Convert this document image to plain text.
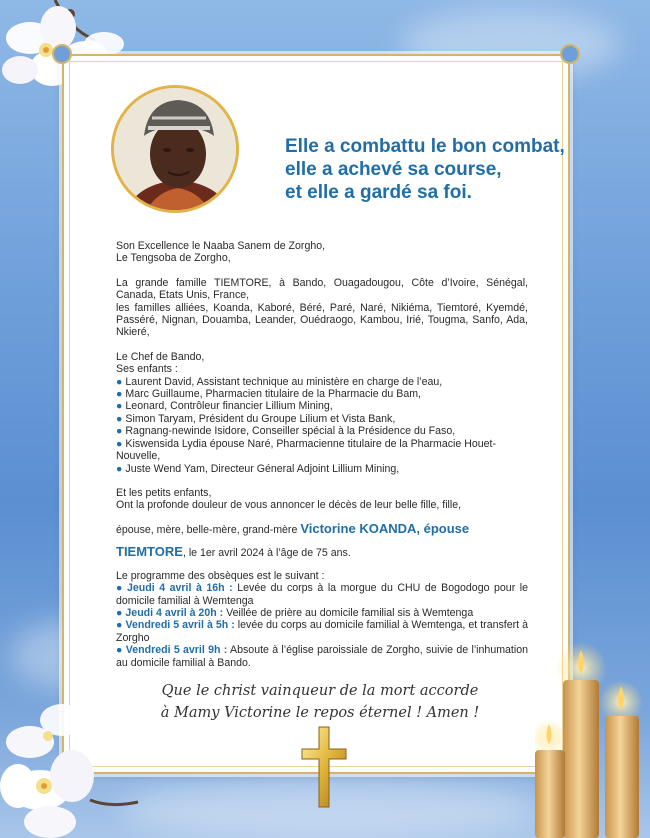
Elle a combattu le bon combat,
elle a achevé sa course,
et elle a gardé sa foi.

Son Excellence le Naaba Sanem de Zorgho,

Le Tengsoba de Zorgho,

La grande famille TIEMTORE, à Bando, Ouagadougou, Côte d’Ivoire, Sénégal, Canada, Etats Unis, France,

les familles alliées, Koanda, Kaboré, Béré, Paré, Naré, Nikiéma, Tiemtoré, Kyemdé, Passéré, Nignan, Douamba, Leander, Ouédraogo, Kambou, Irié, Tougma, Sanfo, Ada, Nkieré,

Le Chef de Bando,

Ses enfants :

● Laurent David, Assistant technique au ministère en charge de l’eau,

● Marc Guillaume, Pharmacien titulaire de la Pharmacie du Bam,

● Leonard, Contrôleur financier Lillium Mining,

● Simon Taryam, Président du Groupe Lilium et Vista Bank,

● Ragnang-newinde Isidore, Conseiller spécial à la Présidence du Faso,

● Kiswensida Lydia épouse Naré, Pharmacienne titulaire de la Pharmacie Houet-Nouvelle,

● Juste Wend Yam, Directeur Géneral Adjoint Lillium Mining,

Et les petits enfants,

Ont la profonde douleur de vous annoncer le décès de leur belle fille, fille,

épouse, mère, belle-mère, grand-mère Victorine KOANDA, épouse

TIEMTORE, le 1er avril 2024 à l’âge de 75 ans.

Le programme des obsèques est le suivant :

● Jeudi 4 avril à 16h : Levée du corps à la morgue du CHU de Bogodogo pour le domicile familial à Wemtenga

● Jeudi 4 avril à 20h : Veillée de prière au domicile familial sis à Wemtenga

● Vendredi 5 avril à 5h : levée du corps au domicile familial à Wemtenga, et transfert à Zorgho

● Vendredi 5 avril 9h : Absoute à l’église paroissiale de Zorgho, suivie de l’inhumation au domicile familial à Bando.

Que le christ vainqueur de la mort accorde
à Mamy Victorine le repos éternel ! Amen !
